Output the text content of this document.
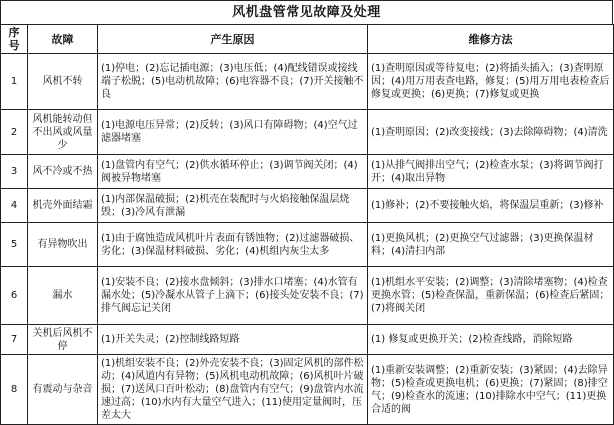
风机盘管常见故障及处理
序号	故障	产生原因	维修方法
1	风机不转	(1)停电；(2)忘记插电源；(3)电压低；(4)配线错误或接线端子松脱；(5)电动机故障；(6)电容器不良；(7)开关接触不良	(1)查明原因或等待复电；(2)将插头插入；(3)查明原因；(4)用万用表查电路，修复；(5)用万用电表检查后修复或更换；(6)更换；(7)修复或更换
2	风机能转动但不出风或风量少	(1)电源电压异常；(2)反转；(3)风口有障碍物；(4)空气过滤器堵塞	(1)查明原因；(2)改变接线；(3)去除障碍物；(4)清洗
3	风不冷或不热	(1)盘管内有空气；(2)供水循环停止；(3)调节阀关闭；(4)阀被异物堵塞	(1)从排气阀排出空气；(2)检查水泵；(3)将调节阀打开；(4)取出异物
4	机壳外面结霜	(1)内部保温破损；(2)机壳在装配时与火焰接触保温层烧毁；(3)冷风有泄漏	(1)修补；(2)不要接触火焰，将保温层重新；(3)修补
5	有异物吹出	(1)由于腐蚀造成风机叶片表面有锈蚀物；(2)过滤器破损、劣化；(3)保温材料破损、劣化；(4)机组内灰尘太多	(1)更换风机；(2)更换空气过滤器；(3)更换保温材料；(4)清扫内部
6	漏水	(1)安装不良；(2)接水盘倾斜；(3)排水口堵塞；(4)水管有漏水处；(5)冷凝水从管子上滴下；(6)接头处安装不良；(7)排气阀忘记关闭	(1)机组水平安装；(2)调整；(3)清除堵塞物；(4)检查更换水管；(5)检查保温，重新保温；(6)检查后紧固；(7)将阀关闭
7	关机后风机不停	(1)开关失灵；(2)控制线路短路	(1) 修复或更换开关；(2)检查线路，消除短路
8	有震动与杂音	(1)机组安装不良；(2)外壳安装不良；(3)固定风机的部件松动；(4)风道内有异物；(5)风机电动机故障；(6)风机叶片破损；(7)送风口百叶松动；(8)盘管内有空气；(9)盘管内水流速过高；(10)水内有大量空气进入；(11)使用定量阀时，压差太大	(1)重新安装调整；(2)重新安装；(3)紧固；(4)去除异物；(5)检查或更换电机；(6)更换；(7)紧固；(8)排空气；(9)检查水的流速；(10)排除水中空气；(11)更换合适的阀
